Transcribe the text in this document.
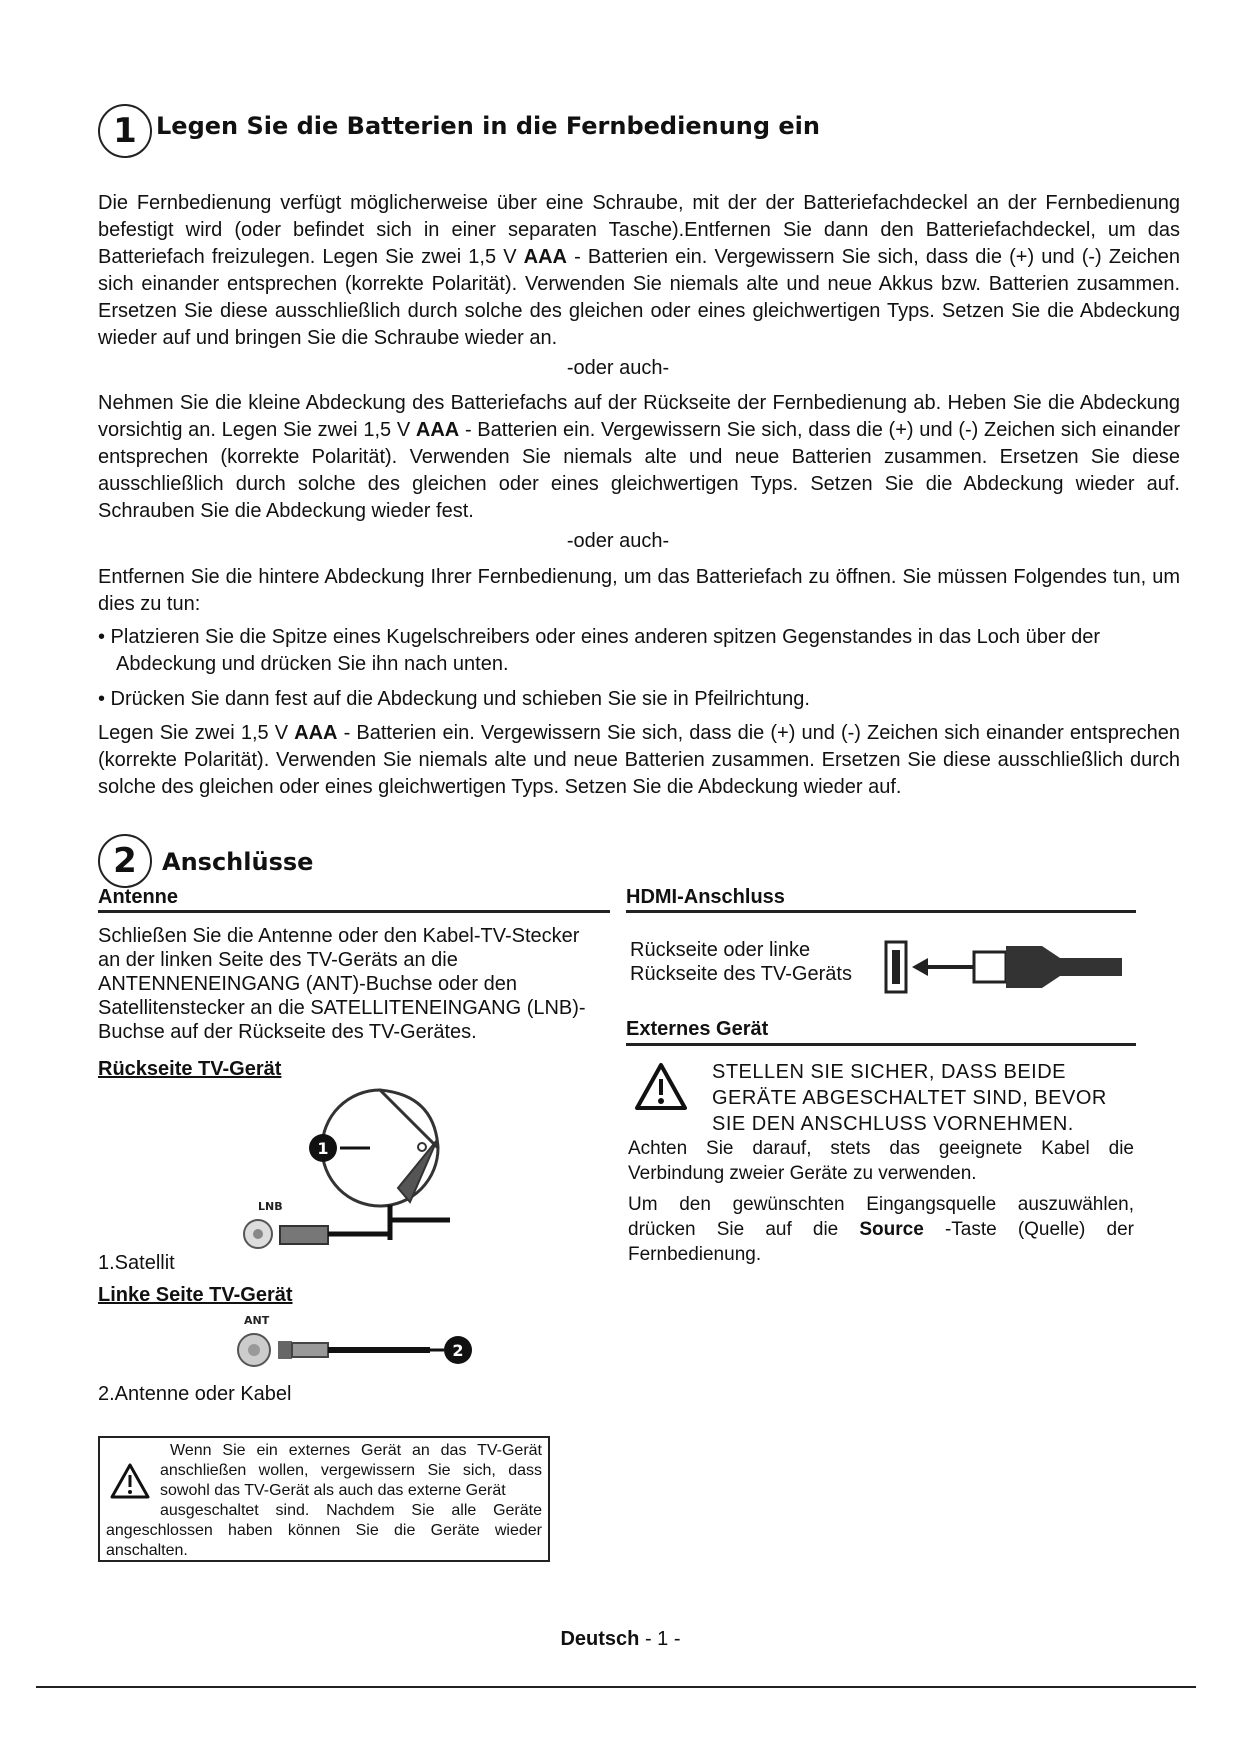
1 Legen Sie die Batterien in die Fernbedienung ein

Die Fernbedienung verfügt möglicherweise über eine Schraube, mit der der Batteriefachdeckel an der Fernbedienung befestigt wird (oder befindet sich in einer separaten Tasche).Entfernen Sie dann den Batteriefachdeckel, um das Batteriefach freizulegen. Legen Sie zwei 1,5 V AAA - Batterien ein. Vergewissern Sie sich, dass die (+) und (-) Zeichen sich einander entsprechen (korrekte Polarität). Verwenden Sie niemals alte und neue Akkus bzw. Batterien zusammen. Ersetzen Sie diese ausschließlich durch solche des gleichen oder eines gleichwertigen Typs. Setzen Sie die Abdeckung wieder auf und bringen Sie die Schraube wieder an.

-oder auch-

Nehmen Sie die kleine Abdeckung des Batteriefachs auf der Rückseite der Fernbedienung ab. Heben Sie die Abdeckung vorsichtig an. Legen Sie zwei 1,5 V AAA - Batterien ein. Vergewissern Sie sich, dass die (+) und (-) Zeichen sich einander entsprechen (korrekte Polarität). Verwenden Sie niemals alte und neue Batterien zusammen. Ersetzen Sie diese ausschließlich durch solche des gleichen oder eines gleichwertigen Typs. Setzen Sie die Abdeckung wieder auf. Schrauben Sie die Abdeckung wieder fest.

-oder auch-

Entfernen Sie die hintere Abdeckung Ihrer Fernbedienung, um das Batteriefach zu öffnen. Sie müssen Folgendes tun, um dies zu tun:

• Platzieren Sie die Spitze eines Kugelschreibers oder eines anderen spitzen Gegenstandes in das Loch über der Abdeckung und drücken Sie ihn nach unten.
• Drücken Sie dann fest auf die Abdeckung und schieben Sie sie in Pfeilrichtung.

Legen Sie zwei 1,5 V AAA - Batterien ein. Vergewissern Sie sich, dass die (+) und (-) Zeichen sich einander entsprechen (korrekte Polarität). Verwenden Sie niemals alte und neue Batterien zusammen. Ersetzen Sie diese ausschließlich durch solche des gleichen oder eines gleichwertigen Typs. Setzen Sie die Abdeckung wieder auf.

2	Anschlüsse
Antenne
Schließen Sie die Antenne oder den Kabel-TV-Stecker an der linken Seite des TV-Geräts an die ANTENNENEINGANG (ANT)-Buchse oder den Satellitenstecker an die SATELLITENEINGANG (LNB)-Buchse auf der Rückseite des TV-Gerätes.
Rückseite TV-Gerät
1
LNB
1.Satellit
Linke Seite TV-Gerät
ANT
2
2.Antenne oder Kabel
Wenn Sie ein externes Gerät an das TV-Gerät
anschließen wollen, vergewissern Sie sich, dass
sowohl das TV-Gerät als auch das externe Gerät
ausgeschaltet sind. Nachdem Sie alle Geräte
angeschlossen haben können Sie die Geräte wieder
anschalten.
HDMI-Anschluss
Rückseite oder linke Rückseite des TV-Geräts
Externes Gerät
STELLEN SIE SICHER, DASS BEIDE GERÄTE ABGESCHALTET SIND, BEVOR SIE DEN ANSCHLUSS VORNEHMEN.
Achten Sie darauf, stets das geeignete Kabel die Verbindung zweier Geräte zu verwenden.
Um den gewünschten Eingangsquelle auszuwählen, drücken Sie auf die Source -Taste (Quelle) der Fernbedienung.
Deutsch - 1 -
